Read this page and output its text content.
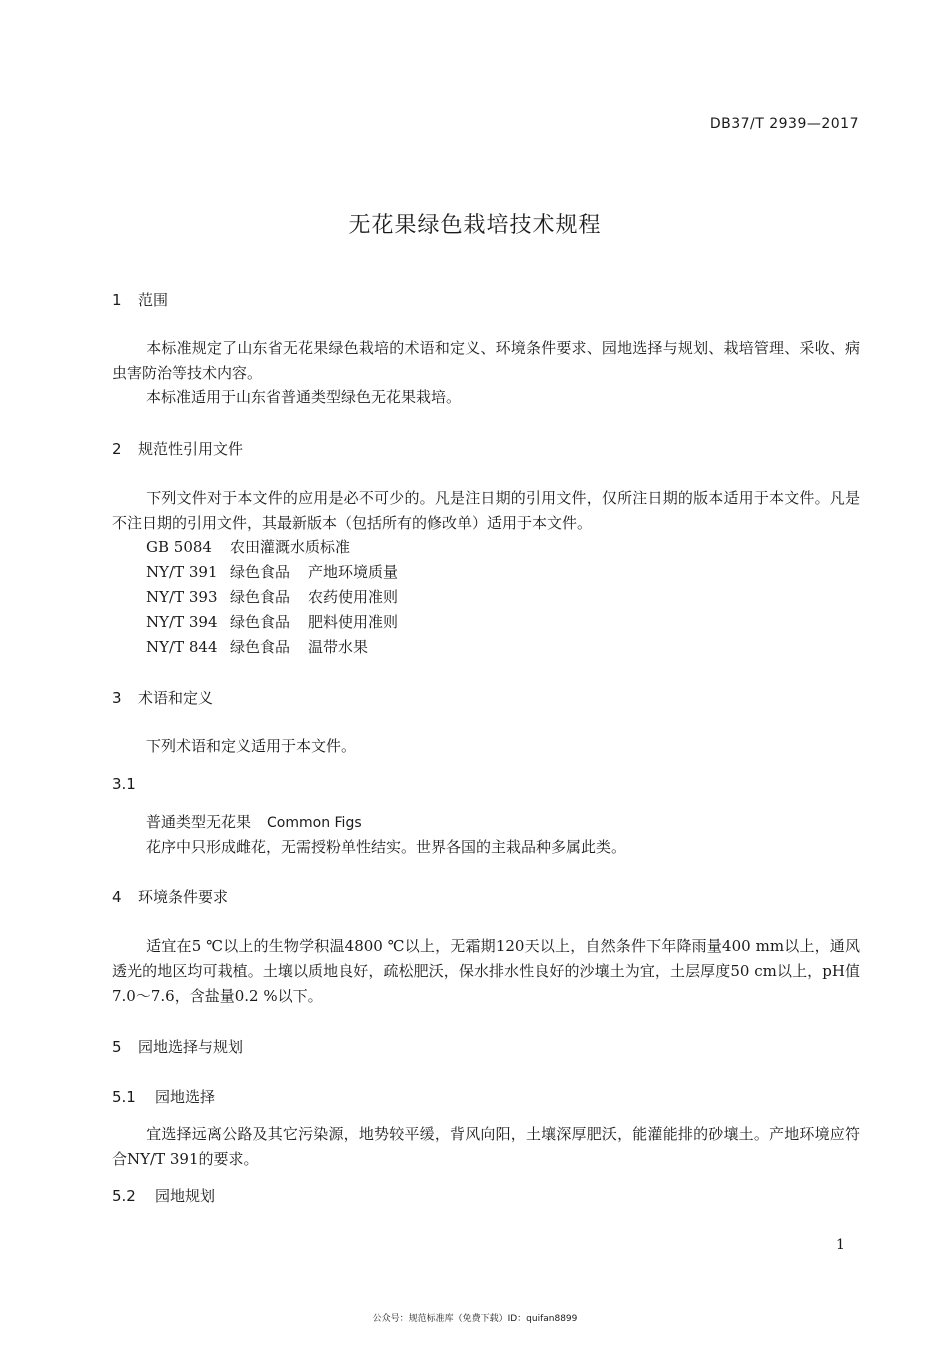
DB37/T 2939—2017
无花果绿色栽培技术规程
1 范围
本标准规定了山东省无花果绿色栽培的术语和定义、环境条件要求、园地选择与规划、栽培管理、采收、病虫害防治等技术内容。
本标准适用于山东省普通类型绿色无花果栽培。
2 规范性引用文件
下列文件对于本文件的应用是必不可少的。凡是注日期的引用文件，仅所注日期的版本适用于本文件。凡是不注日期的引用文件，其最新版本（包括所有的修改单）适用于本文件。
GB 5084 农田灌溉水质标准
NY/T 391 绿色食品 产地环境质量
NY/T 393 绿色食品 农药使用准则
NY/T 394 绿色食品 肥料使用准则
NY/T 844 绿色食品 温带水果
3 术语和定义
下列术语和定义适用于本文件。
3.1
普通类型无花果 Common Figs
花序中只形成雌花，无需授粉单性结实。世界各国的主栽品种多属此类。
4 环境条件要求
适宜在5 ℃以上的生物学积温4800 ℃以上，无霜期120天以上，自然条件下年降雨量400 mm以上，通风透光的地区均可栽植。土壤以质地良好，疏松肥沃，保水排水性良好的沙壤土为宜，土层厚度50 cm以上，pH值7.0～7.6，含盐量0.2 %以下。
5 园地选择与规划
5.1 园地选择
宜选择远离公路及其它污染源，地势较平缓，背风向阳，土壤深厚肥沃，能灌能排的砂壤土。产地环境应符合NY/T 391的要求。
5.2 园地规划
1
公众号：规范标准库（免费下载）ID：quifan8899
